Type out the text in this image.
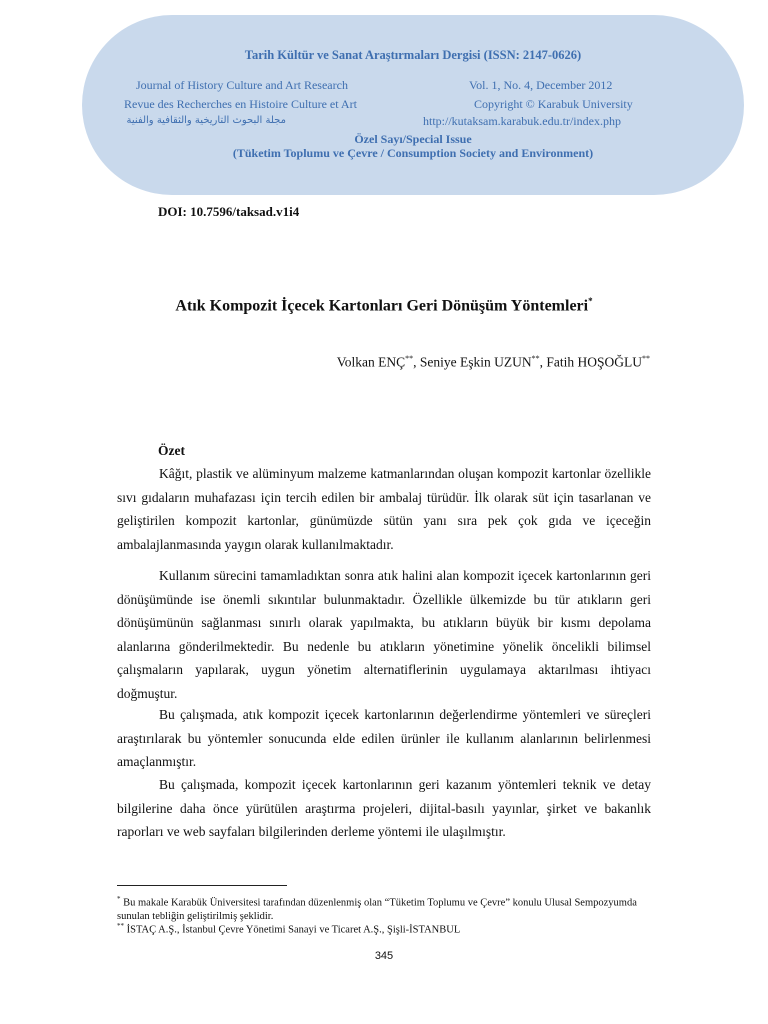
Tarih Kültür ve Sanat Araştırmaları Dergisi (ISSN: 2147-0626)
Journal of History Culture and Art Research
Revue des Recherches en Histoire Culture et Art
مجلة البحوث التاريخية والثقافية والفنية
Vol. 1, No. 4, December 2012
Copyright © Karabuk University
http://kutaksam.karabuk.edu.tr/index.php
Özel Sayı/Special Issue
(Tüketim Toplumu ve Çevre / Consumption Society and Environment)
DOI: 10.7596/taksad.v1i4
Atık Kompozit İçecek Kartonları Geri Dönüşüm Yöntemleri*
Volkan ENÇ**, Seniye Eşkin UZUN**, Fatih HOŞOĞLU**
Özet

Kâğıt, plastik ve alüminyum malzeme katmanlarından oluşan kompozit kartonlar özellikle sıvı gıdaların muhafazası için tercih edilen bir ambalaj türüdür. İlk olarak süt için tasarlanan ve geliştirilen kompozit kartonlar, günümüzde sütün yanı sıra pek çok gıda ve içeceğin ambalajlanmasında yaygın olarak kullanılmaktadır.

Kullanım sürecini tamamladıktan sonra atık halini alan kompozit içecek kartonlarının geri dönüşümünde ise önemli sıkıntılar bulunmaktadır. Özellikle ülkemizde bu tür atıkların geri dönüşümünün sağlanması sınırlı olarak yapılmakta, bu atıkların büyük bir kısmı depolama alanlarına gönderilmektedir. Bu nedenle bu atıkların yönetimine yönelik öncelikli bilimsel çalışmaların yapılarak, uygun yönetim alternatiflerinin uygulamaya aktarılması ihtiyacı doğmuştur.

Bu çalışmada, atık kompozit içecek kartonlarının değerlendirme yöntemleri ve süreçleri araştırılarak bu yöntemler sonucunda elde edilen ürünler ile kullanım alanlarının belirlenmesi amaçlanmıştır.

Bu çalışmada, kompozit içecek kartonlarının geri kazanım yöntemleri teknik ve detay bilgilerine daha önce yürütülen araştırma projeleri, dijital-basılı yayınlar, şirket ve bakanlık raporları ve web sayfaları bilgilerinden derleme yöntemi ile ulaşılmıştır.

* Bu makale Karabük Üniversitesi tarafından düzenlenmiş olan “Tüketim Toplumu ve Çevre” konulu Ulusal Sempozyumda sunulan tebliğin geliştirilmiş şeklidir.
** İSTAÇ A.Ş., İstanbul Çevre Yönetimi Sanayi ve Ticaret A.Ş., Şişli-İSTANBUL
345
